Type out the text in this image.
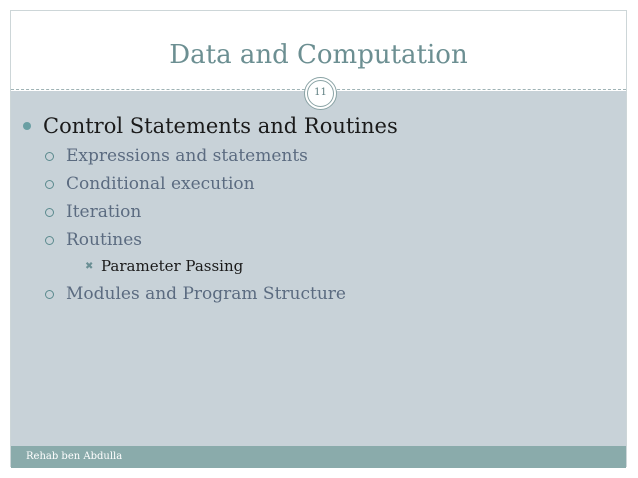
Data and Computation
11
Control Statements and Routines
Expressions and statements
Conditional execution
Iteration
Routines
✖ Parameter Passing
Modules and Program Structure
Rehab ben Abdulla
